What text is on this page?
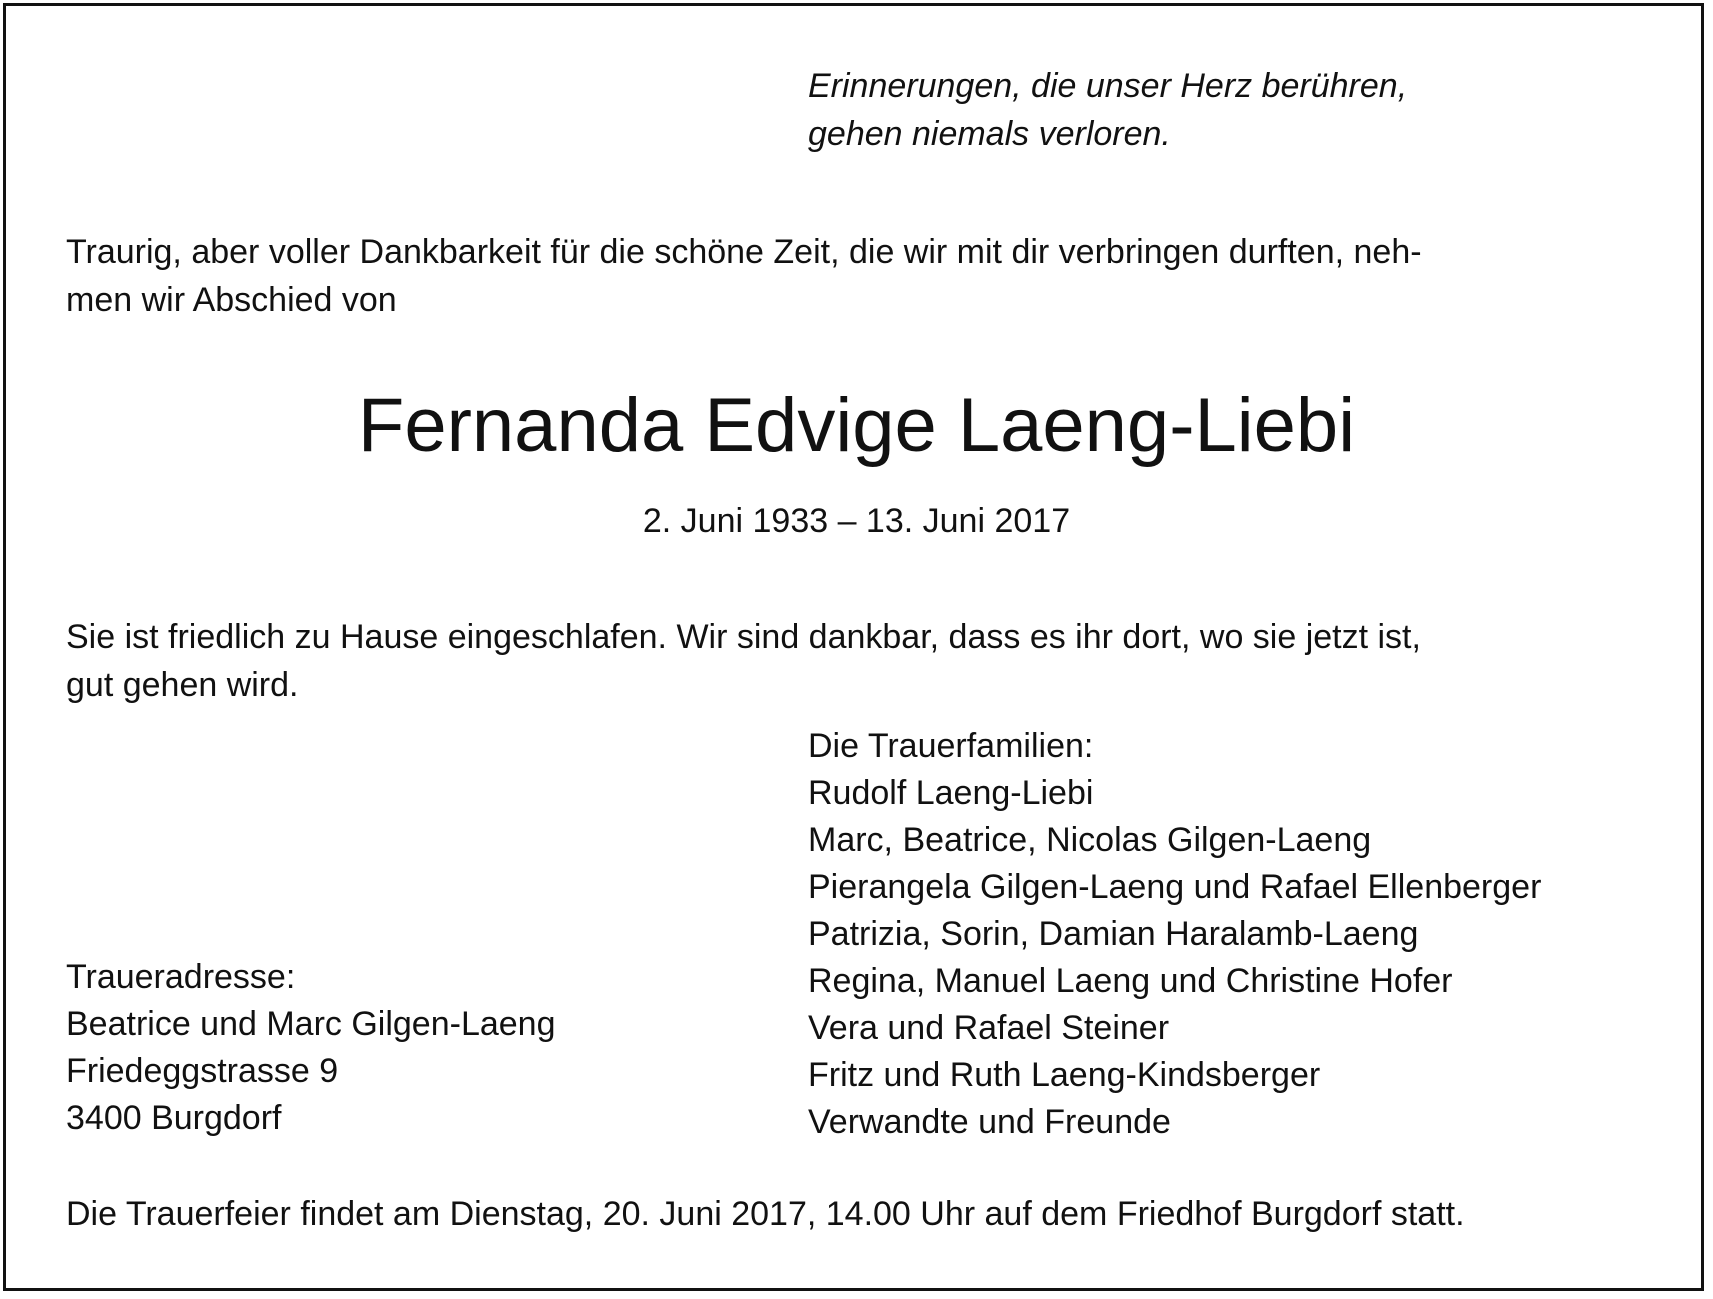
Erinnerungen, die unser Herz berühren,
gehen niemals verloren.
Traurig, aber voller Dankbarkeit für die schöne Zeit, die wir mit dir verbringen durften, neh-
men wir Abschied von
Fernanda Edvige Laeng-Liebi
2. Juni 1933 – 13. Juni 2017
Sie ist friedlich zu Hause eingeschlafen. Wir sind dankbar, dass es ihr dort, wo sie jetzt ist,
gut gehen wird.
Die Trauerfamilien:
Rudolf Laeng-Liebi
Marc, Beatrice, Nicolas Gilgen-Laeng
Pierangela Gilgen-Laeng und Rafael Ellenberger
Patrizia, Sorin, Damian Haralamb-Laeng
Regina, Manuel Laeng und Christine Hofer
Vera und Rafael Steiner
Fritz und Ruth Laeng-Kindsberger
Verwandte und Freunde
Traueradresse:
Beatrice und Marc Gilgen-Laeng
Friedeggstrasse 9
3400 Burgdorf
Die Trauerfeier findet am Dienstag, 20. Juni 2017, 14.00 Uhr auf dem Friedhof Burgdorf statt.
